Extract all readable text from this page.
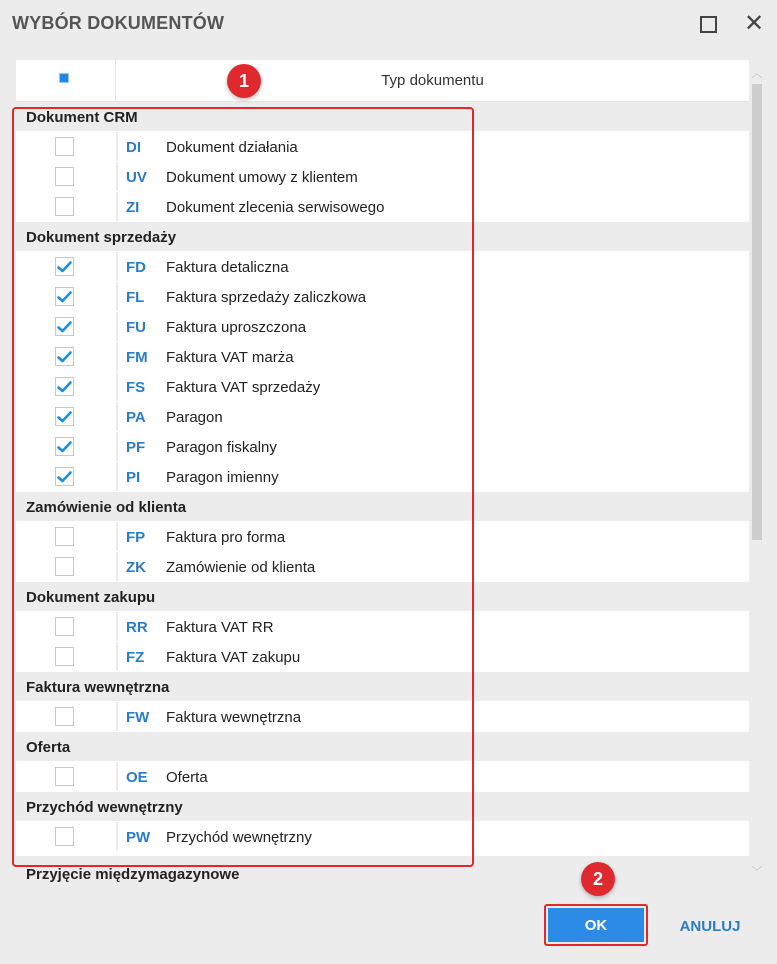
WYBÓR DOKUMENTÓW	✕
Typ dokumentu
Dokument CRM
DI Dokument działania
UV Dokument umowy z klientem
ZI Dokument zlecenia serwisowego
Dokument sprzedaży
FD Faktura detaliczna
FL Faktura sprzedaży zaliczkowa
FU Faktura uproszczona
FM Faktura VAT marża
FS Faktura VAT sprzedaży
PA Paragon
PF Paragon fiskalny
PI Paragon imienny
Zamówienie od klienta
FP Faktura pro forma
ZK Zamówienie od klienta
Dokument zakupu
RR Faktura VAT RR
FZ Faktura VAT zakupu
Faktura wewnętrzna
FW Faktura wewnętrzna
Oferta
OE Oferta
Przychód wewnętrzny
PW Przychód wewnętrzny
︿
﹀
1
2
OK	ANULUJ
Przyjęcie międzymagazynowe
